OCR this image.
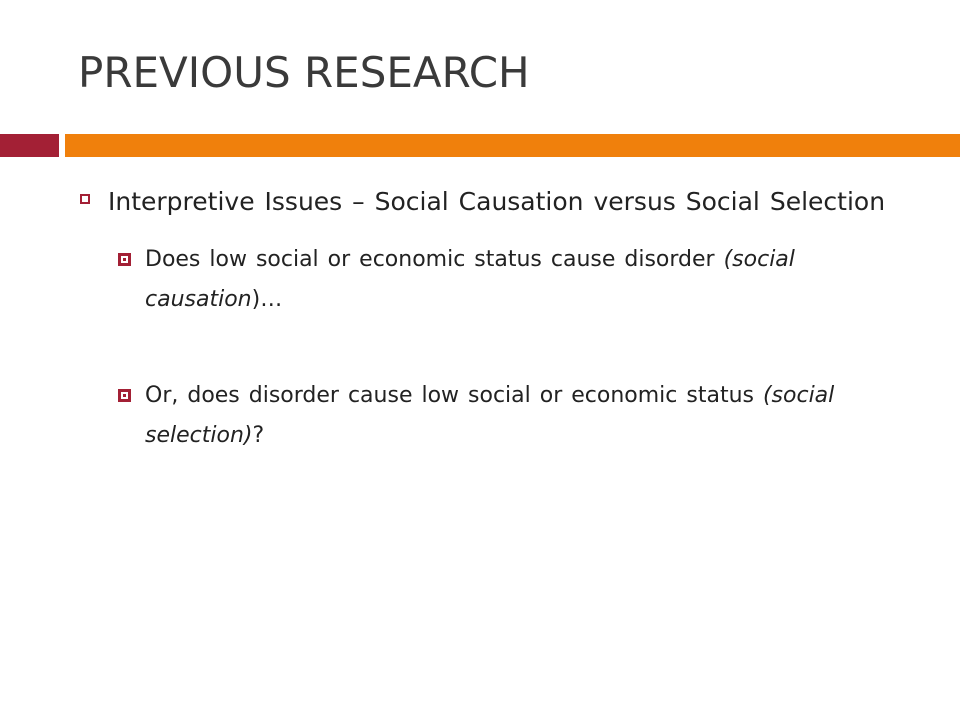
PREVIOUS RESEARCH
Interpretive Issues – Social Causation versus Social Selection
Does low social or economic status cause disorder (social causation)…
Or, does disorder cause low social or economic status (social selection)?
